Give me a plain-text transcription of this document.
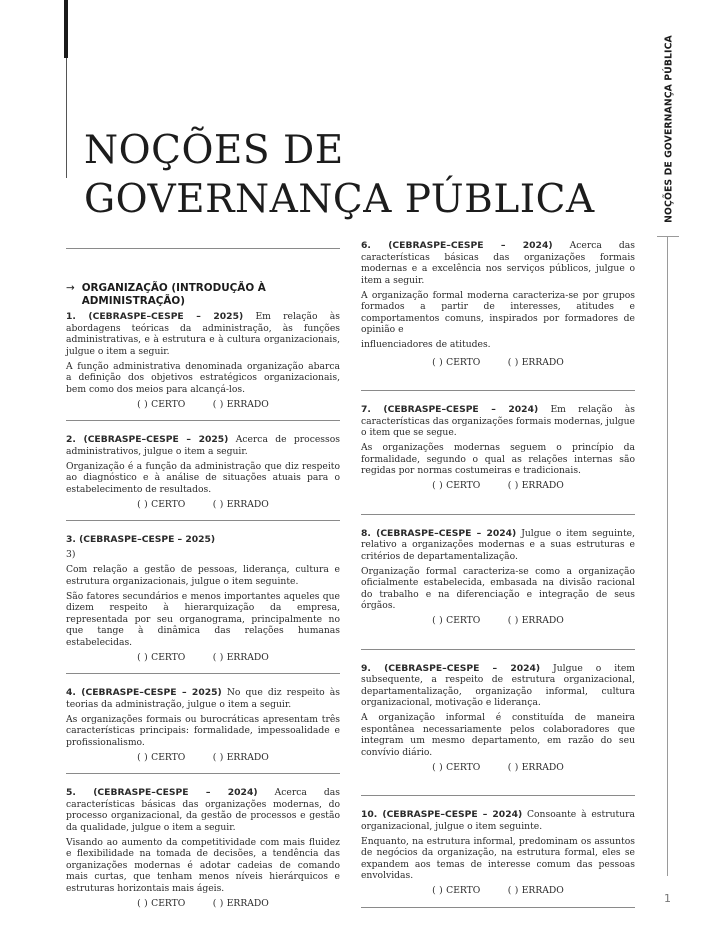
NOÇÕES DE
GOVERNANÇA PÚBLICA	NOÇÕES DE GOVERNANÇA PÚBLICA
1
→ ORGANIZAÇÃO (INTRODUÇÃO À ADMINISTRAÇÃO)

1. (CEBRASPE–CESPE – 2025) Em relação às abordagens teóricas da administração, às funções administrativas, e à estrutura e à cultura organizacionais, julgue o item a seguir.

A função administrativa denominada organização abarca a definição dos objetivos estratégicos organizacionais, bem como dos meios para alcançá-los.

( ) CERTO	( ) ERRADO

2. (CEBRASPE–CESPE – 2025) Acerca de processos administrativos, julgue o item a seguir.

Organização é a função da administração que diz respeito ao diagnóstico e à análise de situações atuais para o estabelecimento de resultados.

( ) CERTO	( ) ERRADO

3. (CEBRASPE–CESPE – 2025)

3)

Com relação a gestão de pessoas, liderança, cultura e estrutura organizacionais, julgue o item seguinte.

São fatores secundários e menos importantes aqueles que dizem respeito à hierarquização da empresa, representada por seu organograma, principalmente no que tange à dinâmica das relações humanas estabelecidas.

( ) CERTO	( ) ERRADO

4. (CEBRASPE–CESPE – 2025) No que diz respeito às teorias da administração, julgue o item a seguir.

As organizações formais ou burocráticas apresentam três características principais: formalidade, impessoalidade e profissionalismo.

( ) CERTO	( ) ERRADO

5. (CEBRASPE–CESPE – 2024) Acerca das características básicas das organizações modernas, do processo organizacional, da gestão de processos e gestão da qualidade, julgue o item a seguir.

Visando ao aumento da competitividade com mais fluidez e flexibilidade na tomada de decisões, a tendência das organizações modernas é adotar cadeias de comando mais curtas, que tenham menos níveis hierárquicos e estruturas horizontais mais ágeis.

( ) CERTO	( ) ERRADO

6. (CEBRASPE–CESPE – 2024) Acerca das características básicas das organizações formais modernas e a excelência nos serviços públicos, julgue o item a seguir.

A organização formal moderna caracteriza-se por grupos formados a partir de interesses, atitudes e comportamentos comuns, inspirados por formadores de opinião e

influenciadores de atitudes.

( ) CERTO	( ) ERRADO

7. (CEBRASPE–CESPE – 2024) Em relação às características das organizações formais modernas, julgue o item que se segue.

As organizações modernas seguem o princípio da formalidade, segundo o qual as relações internas são regidas por normas costumeiras e tradicionais.

( ) CERTO	( ) ERRADO

8. (CEBRASPE–CESPE – 2024) Julgue o item seguinte, relativo a organizações modernas e a suas estruturas e critérios de departamentalização.

Organização formal caracteriza-se como a organização oficialmente estabelecida, embasada na divisão racional do trabalho e na diferenciação e integração de seus órgãos.

( ) CERTO	( ) ERRADO

9. (CEBRASPE–CESPE – 2024) Julgue o item subsequente, a respeito de estrutura organizacional, departamentalização, organização informal, cultura organizacional, motivação e liderança.

A organização informal é constituída de maneira espontânea necessariamente pelos colaboradores que integram um mesmo departamento, em razão do seu convívio diário.

( ) CERTO	( ) ERRADO

10. (CEBRASPE–CESPE – 2024) Consoante à estrutura organizacional, julgue o item seguinte.

Enquanto, na estrutura informal, predominam os assuntos de negócios da organização, na estrutura formal, eles se expandem aos temas de interesse comum das pessoas envolvidas.

( ) CERTO	( ) ERRADO
